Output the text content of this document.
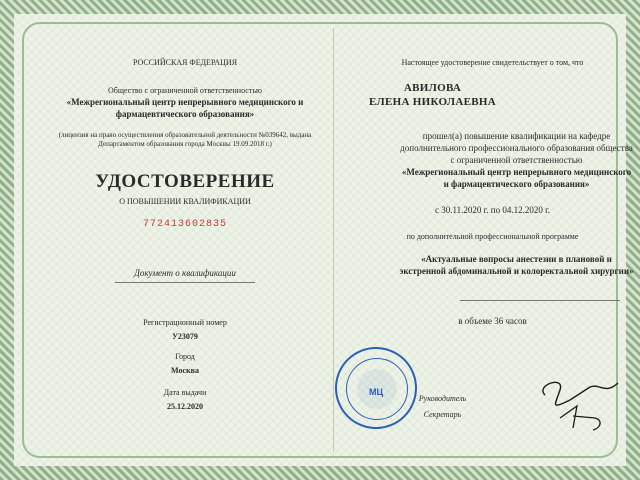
РОССИЙСКАЯ ФЕДЕРАЦИЯ
Общество с ограниченной ответственностью
«Межрегиональный центр непрерывного медицинского и
фармацевтического образования»
(лицензия на право осуществления образовательной деятельности №039642, выдана
Департаментом образования города Москвы 19.09.2018 г.)
УДОСТОВЕРЕНИЕ
О ПОВЫШЕНИИ КВАЛИФИКАЦИИ
772413602835
Документ о квалификации
Регистрационный номер
У23079
Город
Москва
Дата выдачи
25.12.2020
Настоящее удостоверение свидетельствует о том, что
АВИЛОВА
ЕЛЕНА НИКОЛАЕВНА
прошел(а) повышение квалификации на кафедре
дополнительного профессионального образования общества
с ограниченной ответственностью
«Межрегиональный центр непрерывного медицинского
и фармацевтического образования»
с 30.11.2020 г. по 04.12.2020 г.
по дополнительной профессиональной программе
«Актуальные вопросы анестезии в плановой и
экстренной абдоминальной и колоректальной хирургии»
в объеме 36 часов
Руководитель
Секретарь
МЦ
